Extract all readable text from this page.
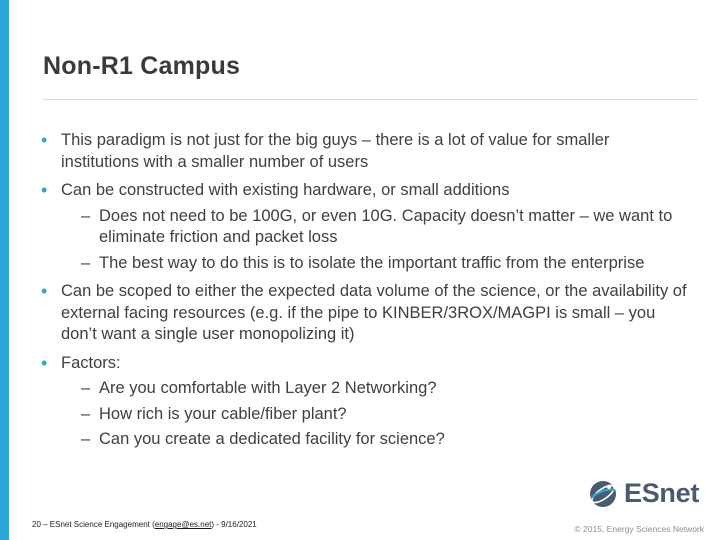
Non-R1 Campus
• This paradigm is not just for the big guys – there is a lot of value for smaller institutions with a smaller number of users
• Can be constructed with existing hardware, or small additions
– Does not need to be 100G, or even 10G. Capacity doesn’t matter – we want to eliminate friction and packet loss
– The best way to do this is to isolate the important traffic from the enterprise
• Can be scoped to either the expected data volume of the science, or the availability of external facing resources (e.g. if the pipe to KINBER/3ROX/MAGPI is small – you don’t want a single user monopolizing it)
• Factors:
– Are you comfortable with Layer 2 Networking?
– How rich is your cable/fiber plant?
– Can you create a dedicated facility for science?
ESnet
20 – ESnet Science Engagement (engage@es.net) - 9/16/2021	© 2015, Energy Sciences Network
